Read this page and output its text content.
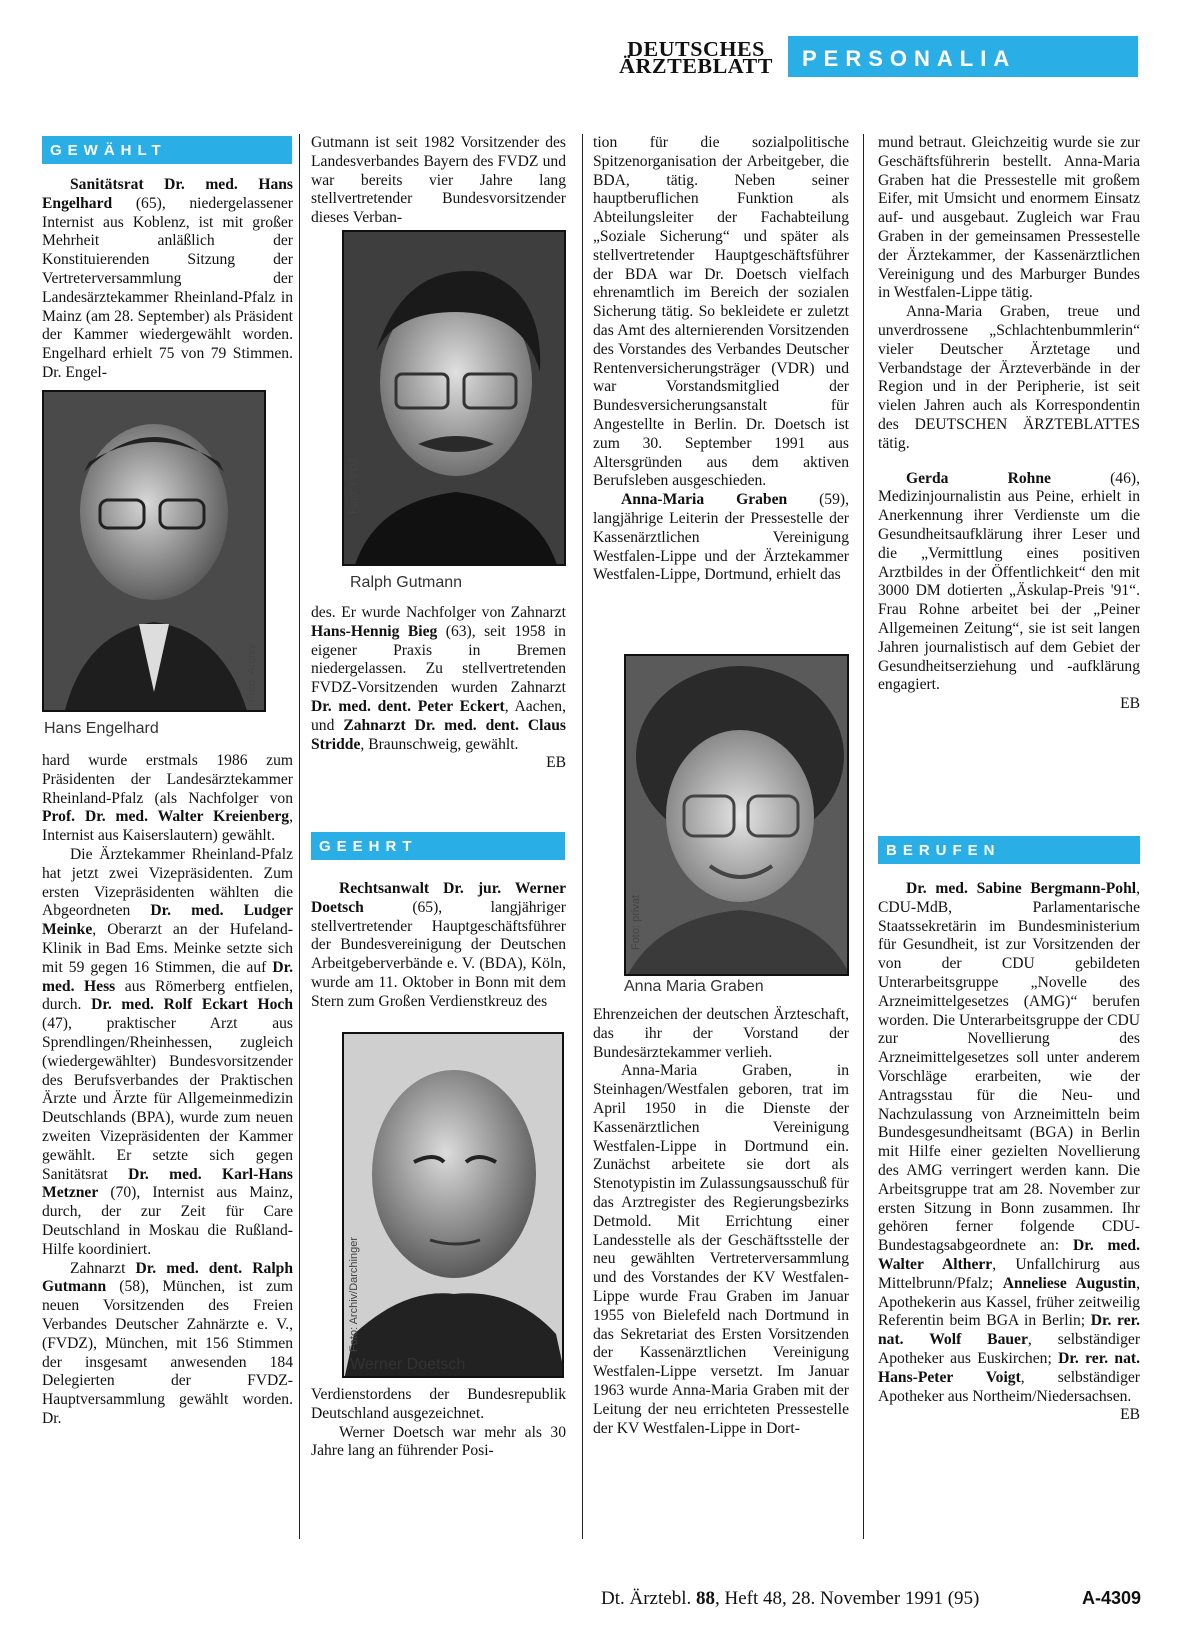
DEUTSCHES
ÄRZTEBLATT	PERSONALIA
GEWÄHLT

Sanitätsrat Dr. med. Hans Engelhard (65), niedergelassener Internist aus Koblenz, ist mit großer Mehrheit anläßlich der Konstituierenden Sitzung der Vertreterversammlung der Landesärztekammer Rheinland-Pfalz in Mainz (am 28. September) als Präsident der Kammer wiedergewählt worden. Engelhard erhielt 75 von 79 Stimmen. Dr. Engel-

Foto: Archiv
Hans Engelhard

hard wurde erstmals 1986 zum Präsidenten der Landesärztekammer Rheinland-Pfalz (als Nachfolger von Prof. Dr. med. Walter Kreienberg, Internist aus Kaiserslautern) gewählt.

Die Ärztekammer Rheinland-Pfalz hat jetzt zwei Vizepräsidenten. Zum ersten Vizepräsidenten wählten die Abgeordneten Dr. med. Ludger Meinke, Oberarzt an der Hufeland-Klinik in Bad Ems. Meinke setzte sich mit 59 gegen 16 Stimmen, die auf Dr. med. Hess aus Römerberg entfielen, durch. Dr. med. Rolf Eckart Hoch (47), praktischer Arzt aus Sprendlingen/Rheinhessen, zugleich (wiedergewählter) Bundesvorsitzender des Berufsverbandes der Praktischen Ärzte und Ärzte für Allgemeinmedizin Deutschlands (BPA), wurde zum neuen zweiten Vizepräsidenten der Kammer gewählt. Er setzte sich gegen Sanitätsrat Dr. med. Karl-Hans Metzner (70), Internist aus Mainz, durch, der zur Zeit für Care Deutschland in Moskau die Rußland-Hilfe koordiniert.

Zahnarzt Dr. med. dent. Ralph Gutmann (58), München, ist zum neuen Vorsitzenden des Freien Verbandes Deutscher Zahnärzte e. V., (FVDZ), München, mit 156 Stimmen der insgesamt anwesenden 184 Delegierten der FVDZ-Hauptversammlung gewählt worden. Dr.

Gutmann ist seit 1982 Vorsitzender des Landesverbandes Bayern des FVDZ und war bereits vier Jahre lang stellvertretender Bundesvorsitzender dieses Verban-

Foto: FVDZ
Ralph Gutmann

des. Er wurde Nachfolger von Zahnarzt Hans-Hennig Bieg (63), seit 1958 in eigener Praxis in Bremen niedergelassen. Zu stellvertretenden FVDZ-Vorsitzenden wurden Zahnarzt Dr. med. dent. Peter Eckert, Aachen, und Zahnarzt Dr. med. dent. Claus Stridde, Braunschweig, gewählt.
EB

GEEHRT

Rechtsanwalt Dr. jur. Werner Doetsch (65), langjähriger stellvertretender Hauptgeschäftsführer der Bundesvereinigung der Deutschen Arbeitgeberverbände e. V. (BDA), Köln, wurde am 11. Oktober in Bonn mit dem Stern zum Großen Verdienstkreuz des

Foto: Archiv/Darchinger
Werner Doetsch

Verdienstordens der Bundesrepublik Deutschland ausgezeichnet.

Werner Doetsch war mehr als 30 Jahre lang an führender Posi-

tion für die sozialpolitische Spitzenorganisation der Arbeitgeber, die BDA, tätig. Neben seiner hauptberuflichen Funktion als Abteilungsleiter der Fachabteilung „Soziale Sicherung“ und später als stellvertretender Hauptgeschäftsführer der BDA war Dr. Doetsch vielfach ehrenamtlich im Bereich der sozialen Sicherung tätig. So bekleidete er zuletzt das Amt des alternierenden Vorsitzenden des Vorstandes des Verbandes Deutscher Rentenversicherungsträger (VDR) und war Vorstandsmitglied der Bundesversicherungsanstalt für Angestellte in Berlin. Dr. Doetsch ist zum 30. September 1991 aus Altersgründen aus dem aktiven Berufsleben ausgeschieden.

Anna-Maria Graben (59), langjährige Leiterin der Pressestelle der Kassenärztlichen Vereinigung Westfalen-Lippe und der Ärztekammer Westfalen-Lippe, Dortmund, erhielt das

Foto: privat
Anna Maria Graben

Ehrenzeichen der deutschen Ärzteschaft, das ihr der Vorstand der Bundesärztekammer verlieh.

Anna-Maria Graben, in Steinhagen/Westfalen geboren, trat im April 1950 in die Dienste der Kassenärztlichen Vereinigung Westfalen-Lippe in Dortmund ein. Zunächst arbeitete sie dort als Stenotypistin im Zulassungsausschuß für das Arztregister des Regierungsbezirks Detmold. Mit Errichtung einer Landesstelle als der Geschäftsstelle der neu gewählten Vertreterversammlung und des Vorstandes der KV Westfalen-Lippe wurde Frau Graben im Januar 1955 von Bielefeld nach Dortmund in das Sekretariat des Ersten Vorsitzenden der Kassenärztlichen Vereinigung Westfalen-Lippe versetzt. Im Januar 1963 wurde Anna-Maria Graben mit der Leitung der neu errichteten Pressestelle der KV Westfalen-Lippe in Dort-

mund betraut. Gleichzeitig wurde sie zur Geschäftsführerin bestellt. Anna-Maria Graben hat die Pressestelle mit großem Eifer, mit Umsicht und enormem Einsatz auf- und ausgebaut. Zugleich war Frau Graben in der gemeinsamen Pressestelle der Ärztekammer, der Kassenärztlichen Vereinigung und des Marburger Bundes in Westfalen-Lippe tätig.

Anna-Maria Graben, treue und unverdrossene „Schlachtenbummlerin“ vieler Deutscher Ärztetage und Verbandstage der Ärzteverbände in der Region und in der Peripherie, ist seit vielen Jahren auch als Korrespondentin des DEUTSCHEN ÄRZTEBLATTES tätig.

Gerda Rohne (46), Medizinjournalistin aus Peine, erhielt in Anerkennung ihrer Verdienste um die Gesundheitsaufklärung ihrer Leser und die „Vermittlung eines positiven Arztbildes in der Öffentlichkeit“ den mit 3000 DM dotierten „Äskulap-Preis '91“. Frau Rohne arbeitet bei der „Peiner Allgemeinen Zeitung“, sie ist seit langen Jahren journalistisch auf dem Gebiet der Gesundheitserziehung und -aufklärung engagiert.
EB

BERUFEN

Dr. med. Sabine Bergmann-Pohl, CDU-MdB, Parlamentarische Staatssekretärin im Bundesministerium für Gesundheit, ist zur Vorsitzenden der von der CDU gebildeten Unterarbeitsgruppe „Novelle des Arzneimittelgesetzes (AMG)“ berufen worden. Die Unterarbeitsgruppe der CDU zur Novellierung des Arzneimittelgesetzes soll unter anderem Vorschläge erarbeiten, wie der Antragsstau für die Neu- und Nachzulassung von Arzneimitteln beim Bundesgesundheitsamt (BGA) in Berlin mit Hilfe einer gezielten Novellierung des AMG verringert werden kann. Die Arbeitsgruppe trat am 28. November zur ersten Sitzung in Bonn zusammen. Ihr gehören ferner folgende CDU-Bundestagsabgeordnete an: Dr. med. Walter Altherr, Unfallchirurg aus Mittelbrunn/Pfalz; Anneliese Augustin, Apothekerin aus Kassel, früher zeitweilig Referentin beim BGA in Berlin; Dr. rer. nat. Wolf Bauer, selbständiger Apotheker aus Euskirchen; Dr. rer. nat. Hans-Peter Voigt, selbständiger Apotheker aus Northeim/Niedersachsen.
EB

Dt. Ärztebl. 88, Heft 48, 28. November 1991 (95)	A-4309
